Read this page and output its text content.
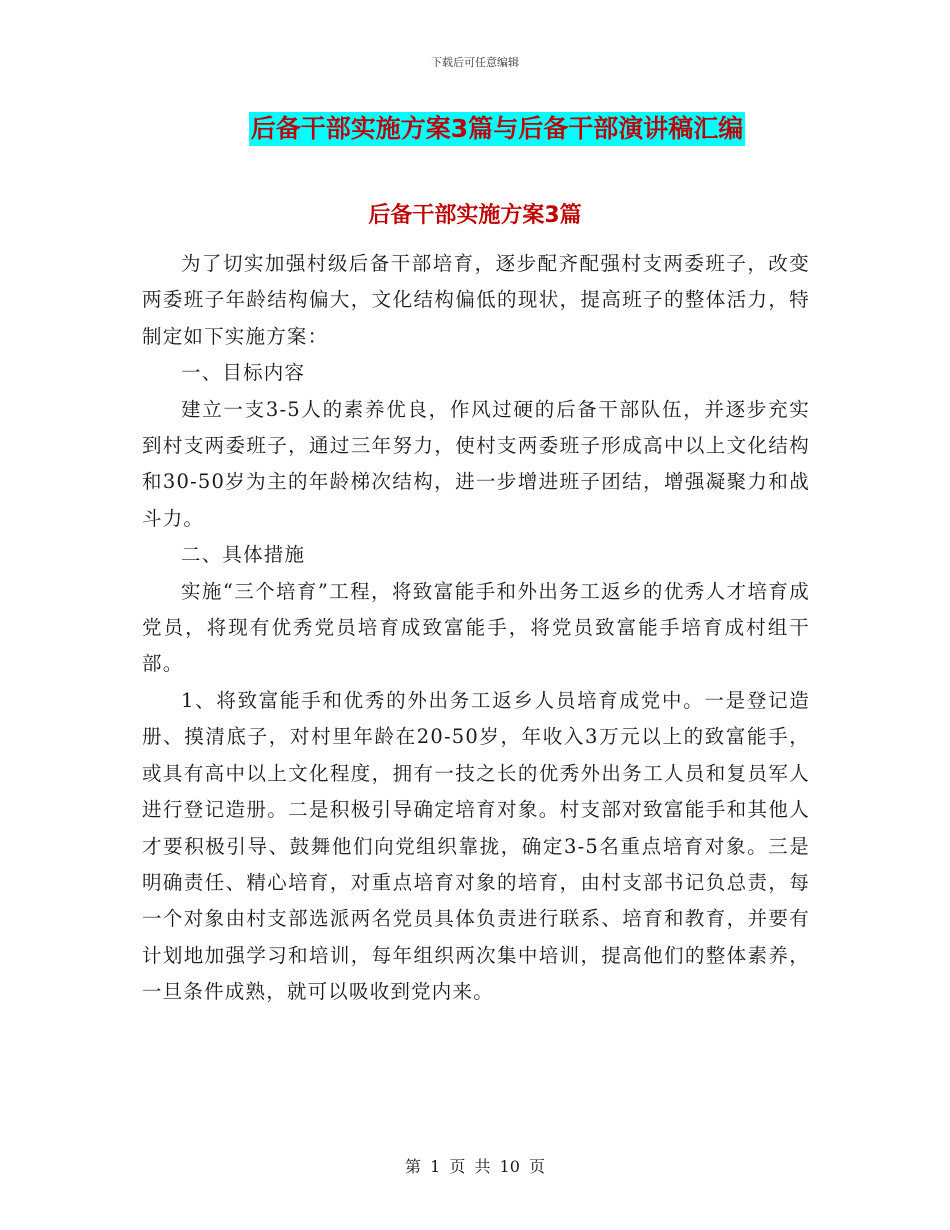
下载后可任意编辑
后备干部实施方案3篇与后备干部演讲稿汇编
后备干部实施方案3篇

为了切实加强村级后备干部培育，逐步配齐配强村支两委班子，改变两委班子年龄结构偏大，文化结构偏低的现状，提高班子的整体活力，特制定如下实施方案：

一、目标内容

建立一支3-5人的素养优良，作风过硬的后备干部队伍，并逐步充实到村支两委班子，通过三年努力，使村支两委班子形成高中以上文化结构和30-50岁为主的年龄梯次结构，进一步增进班子团结，增强凝聚力和战斗力。

二、具体措施

实施“三个培育”工程，将致富能手和外出务工返乡的优秀人才培育成党员，将现有优秀党员培育成致富能手，将党员致富能手培育成村组干部。

1、将致富能手和优秀的外出务工返乡人员培育成党中。一是登记造册、摸清底子，对村里年龄在20-50岁，年收入3万元以上的致富能手，或具有高中以上文化程度，拥有一技之长的优秀外出务工人员和复员军人进行登记造册。二是积极引导确定培育对象。村支部对致富能手和其他人才要积极引导、鼓舞他们向党组织靠拢，确定3-5名重点培育对象。三是明确责任、精心培育，对重点培育对象的培育，由村支部书记负总责，每一个对象由村支部选派两名党员具体负责进行联系、培育和教育，并要有计划地加强学习和培训，每年组织两次集中培训，提高他们的整体素养，一旦条件成熟，就可以吸收到党内来。

第 1 页 共 10 页
